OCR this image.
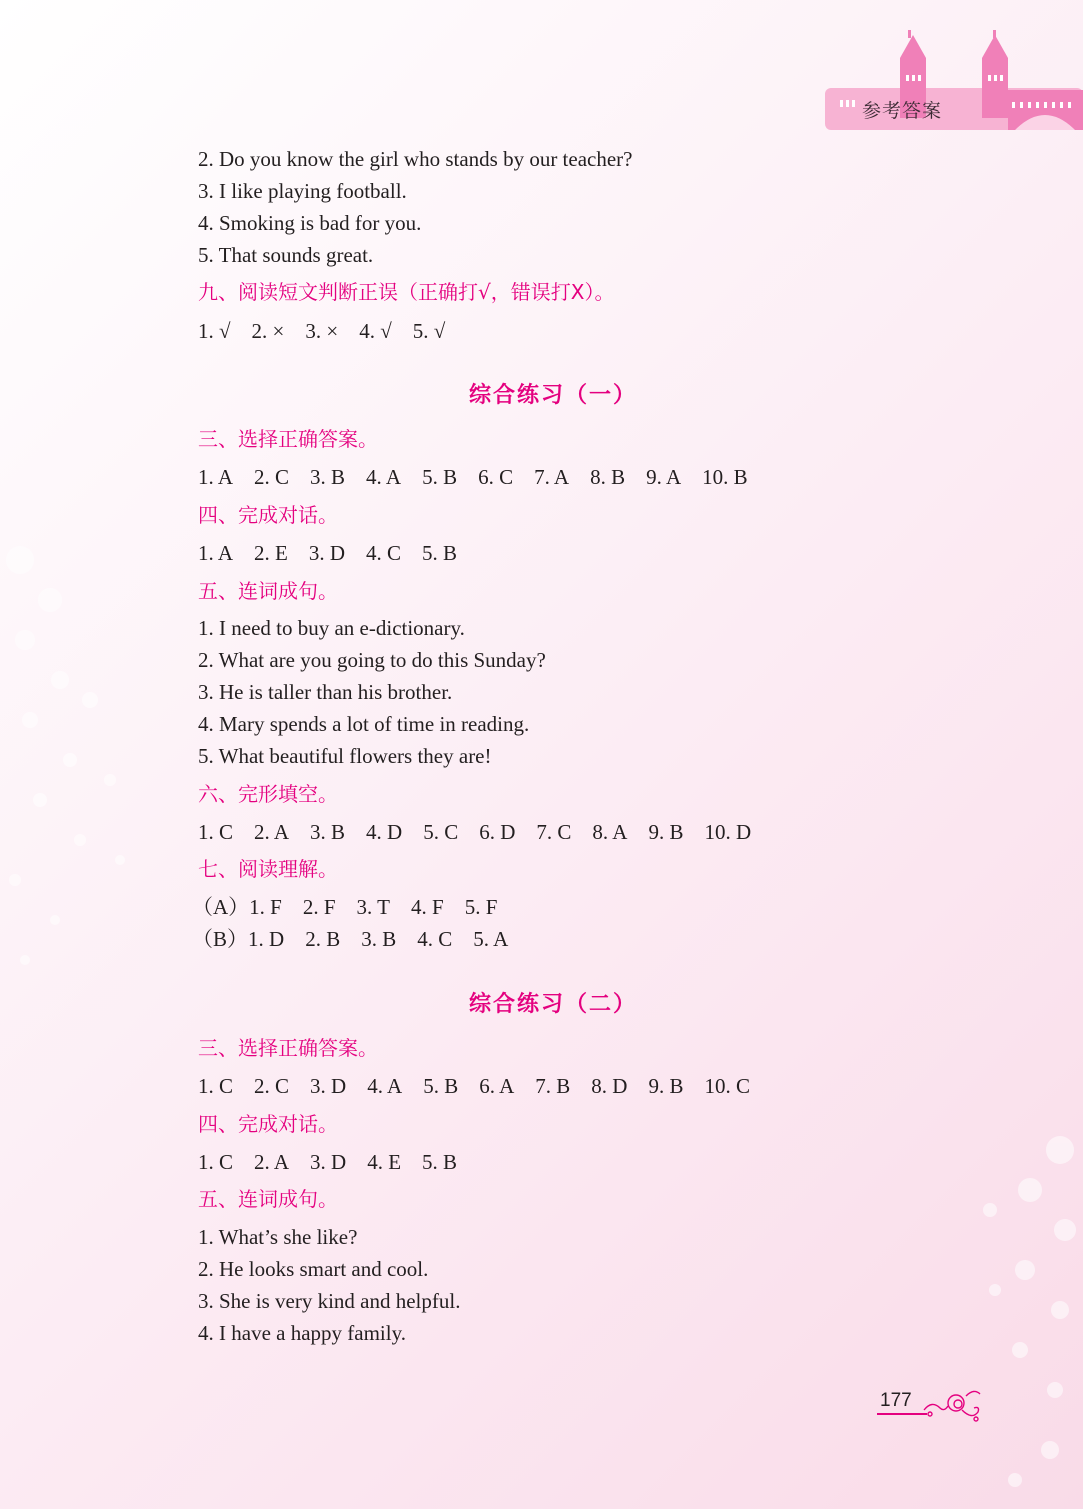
参考答案
2. Do you know the girl who stands by our teacher?
3. I like playing football.
4. Smoking is bad for you.
5. That sounds great.
九、阅读短文判断正误（正确打√，错误打Ⅹ）。
1. √ 2. × 3. × 4. √ 5. √
综合练习（一）
三、选择正确答案。
1. A 2. C 3. B 4. A 5. B 6. C 7. A 8. B 9. A 10. B
四、完成对话。
1. A 2. E 3. D 4. C 5. B
五、连词成句。
1. I need to buy an e-dictionary.
2. What are you going to do this Sunday?
3. He is taller than his brother.
4. Mary spends a lot of time in reading.
5. What beautiful flowers they are!
六、完形填空。
1. C 2. A 3. B 4. D 5. C 6. D 7. C 8. A 9. B 10. D
七、阅读理解。
（A）1. F 2. F 3. T 4. F 5. F
（B）1. D 2. B 3. B 4. C 5. A
综合练习（二）
三、选择正确答案。
1. C 2. C 3. D 4. A 5. B 6. A 7. B 8. D 9. B 10. C
四、完成对话。
1. C 2. A 3. D 4. E 5. B
五、连词成句。
1. What’s she like?
2. He looks smart and cool.
3. She is very kind and helpful.
4. I have a happy family.
177
